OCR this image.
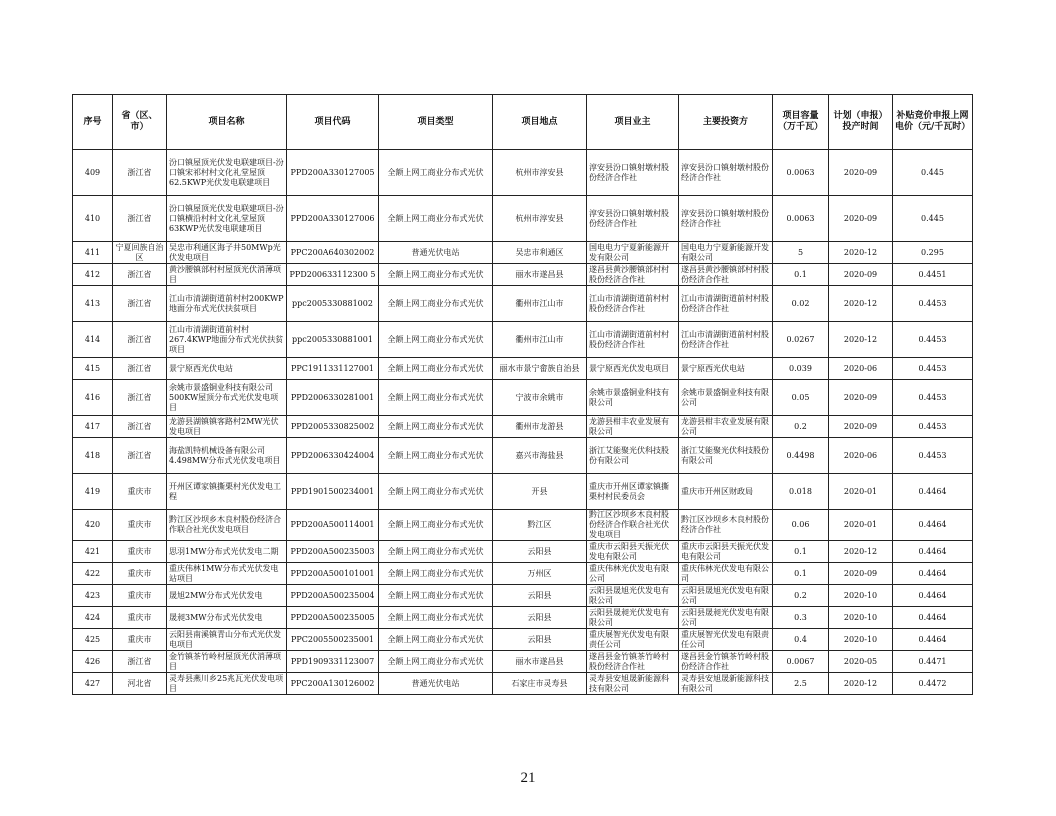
序号	省（区、市）	项目名称	项目代码	项目类型	项目地点	项目业主	主要投资方	项目容量（万千瓦）	计划（申报）投产时间	补贴竞价申报上网电价（元/千瓦时）
409	浙江省	汾口镇屋顶光伏发电联建项目-汾口镇宋祁村村文化礼堂屋顶62.5KWP光伏发电联建项目	PPD200A330127005	全额上网工商业分布式光伏	杭州市淳安县	淳安县汾口镇射墩村股份经济合作社	淳安县汾口镇射墩村股份经济合作社	0.0063	2020-09	0.445
410	浙江省	汾口镇屋顶光伏发电联建项目-汾口镇横沿村村文化礼堂屋顶63KWP光伏发电联建项目	PPD200A330127006	全额上网工商业分布式光伏	杭州市淳安县	淳安县汾口镇射墩村股份经济合作社	淳安县汾口镇射墩村股份经济合作社	0.0063	2020-09	0.445
411	宁夏回族自治区	吴忠市利通区海子井50MWp光伏发电项目	PPC200A640302002	普通光伏电站	吴忠市利通区	国电电力宁夏新能源开发有限公司	国电电力宁夏新能源开发有限公司	5	2020-12	0.295
412	浙江省	黄沙腰镇部村村屋顶光伏消薄项目	PPD200633112300 5	全额上网工商业分布式光伏	丽水市遂昌县	遂昌县黄沙腰镇部村村股份经济合作社	遂昌县黄沙腰镇部村村股份经济合作社	0.1	2020-09	0.4451
413	浙江省	江山市清湖街道前村村200KWP地面分布式光伏扶贫项目	ppc2005330881002	全额上网工商业分布式光伏	衢州市江山市	江山市清湖街道前村村股份经济合作社	江山市清湖街道前村村股份经济合作社	0.02	2020-12	0.4453
414	浙江省	江山市清湖街道前村村267.4KWP地面分布式光伏扶贫项目	ppc2005330881001	全额上网工商业分布式光伏	衢州市江山市	江山市清湖街道前村村股份经济合作社	江山市清湖街道前村村股份经济合作社	0.0267	2020-12	0.4453
415	浙江省	景宁原西光伏电站	PPC1911331127001	全额上网工商业分布式光伏	丽水市景宁畲族自治县	景宁原西光伏发电项目	景宁原西光伏电站	0.039	2020-06	0.4453
416	浙江省	余姚市景盛铜业科技有限公司500KW屋顶分布式光伏发电项目	PPD2006330281001	全额上网工商业分布式光伏	宁波市余姚市	余姚市景盛铜业科技有限公司	余姚市景盛铜业科技有限公司	0.05	2020-09	0.4453
417	浙江省	龙游县湖镇镇客路村2MW光伏发电项目	PPD2005330825002	全额上网工商业分布式光伏	衢州市龙游县	龙游县柑丰农业发展有限公司	龙游县柑丰农业发展有限公司	0.2	2020-09	0.4453
418	浙江省	海盐凯特机械设备有限公司4.498MW分布式光伏发电项目	PPD2006330424004	全额上网工商业分布式光伏	嘉兴市海盐县	浙江艾能聚光伏科技股份有限公司	浙江艾能聚光伏科技股份有限公司	0.4498	2020-06	0.4453
419	重庆市	开州区谭家镇撕栗村光伏发电工程	PPD1901500234001	全额上网工商业分布式光伏	开县	重庆市开州区谭家镇撕栗村村民委员会	重庆市开州区财政局	0.018	2020-01	0.4464
420	重庆市	黔江区沙坝乡木良村股份经济合作联合社光伏发电项目	PPD200A500114001	全额上网工商业分布式光伏	黔江区	黔江区沙坝乡木良村股份经济合作联合社光伏发电项目	黔江区沙坝乡木良村股份经济合作社	0.06	2020-01	0.4464
421	重庆市	思羽1MW分布式光伏发电二期	PPD200A500235003	全额上网工商业分布式光伏	云阳县	重庆市云阳县天振光伏发电有限公司	重庆市云阳县天振光伏发电有限公司	0.1	2020-12	0.4464
422	重庆市	重庆伟林1MW分布式光伏发电站项目	PPD200A500101001	全额上网工商业分布式光伏	万州区	重庆伟林光伏发电有限公司	重庆伟林光伏发电有限公司	0.1	2020-09	0.4464
423	重庆市	晟旭2MW分布式光伏发电	PPD200A500235004	全额上网工商业分布式光伏	云阳县	云阳县晟旭光伏发电有限公司	云阳县晟旭光伏发电有限公司	0.2	2020-10	0.4464
424	重庆市	晟昶3MW分布式光伏发电	PPD200A500235005	全额上网工商业分布式光伏	云阳县	云阳县晟昶光伏发电有限公司	云阳县晟昶光伏发电有限公司	0.3	2020-10	0.4464
425	重庆市	云阳县南溪镇青山分布式光伏发电项目	PPC2005500235001	全额上网工商业分布式光伏	云阳县	重庆展智光伏发电有限责任公司	重庆展智光伏发电有限责任公司	0.4	2020-10	0.4464
426	浙江省	金竹镇茶竹岭村屋顶光伏消薄项目	PPD1909331123007	全额上网工商业分布式光伏	丽水市遂昌县	遂昌县金竹镇茶竹岭村股份经济合作社	遂昌县金竹镇茶竹岭村股份经济合作社	0.0067	2020-05	0.4471
427	河北省	灵寿县燕川乡25兆瓦光伏发电项目	PPC200A130126002	普通光伏电站	石家庄市灵寿县	灵寿县安旭晟新能源科技有限公司	灵寿县安旭晟新能源科技有限公司	2.5	2020-12	0.4472
21
